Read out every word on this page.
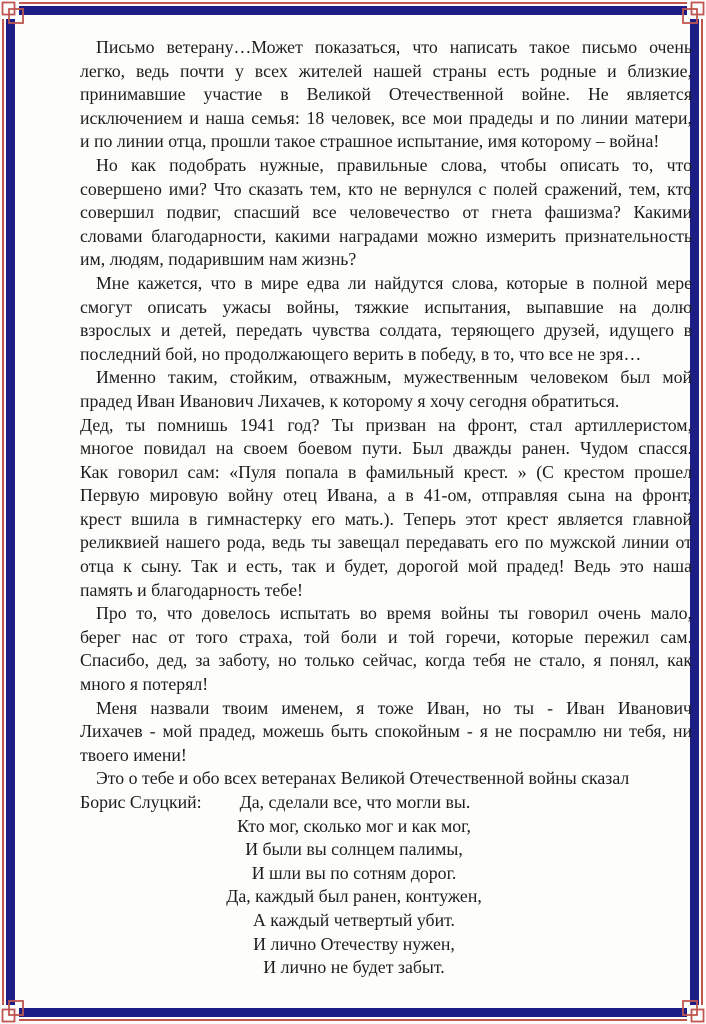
Письмо ветерану…Может показаться, что написать такое письмо очень
легко, ведь почти у всех жителей нашей страны есть родные и близкие,
принимавшие участие в Великой Отечественной войне. Не является
исключением и наша семья: 18 человек, все мои прадеды и по линии матери,
и по линии отца, прошли такое страшное испытание, имя которому – война!
Но как подобрать нужные, правильные слова, чтобы описать то, что
совершено ими? Что сказать тем, кто не вернулся с полей сражений, тем, кто
совершил подвиг, спасший все человечество от гнета фашизма? Какими
словами благодарности, какими наградами можно измерить признательность
им, людям, подарившим нам жизнь?
Мне кажется, что в мире едва ли найдутся слова, которые в полной мере
смогут описать ужасы войны, тяжкие испытания, выпавшие на долю
взрослых и детей, передать чувства солдата, теряющего друзей, идущего в
последний бой, но продолжающего верить в победу, в то, что все не зря…
Именно таким, стойким, отважным, мужественным человеком был мой
прадед Иван Иванович Лихачев, к которому я хочу сегодня обратиться.
Дед, ты помнишь 1941 год? Ты призван на фронт, стал артиллеристом,
многое повидал на своем боевом пути. Был дважды ранен. Чудом спасся.
Как говорил сам: «Пуля попала в фамильный крест. » (С крестом прошел
Первую мировую войну отец Ивана, а в 41-ом, отправляя сына на фронт,
крест вшила в гимнастерку его мать.). Теперь этот крест является главной
реликвией нашего рода, ведь ты завещал передавать его по мужской линии от
отца к сыну. Так и есть, так и будет, дорогой мой прадед! Ведь это наша
память и благодарность тебе!
Про то, что довелось испытать во время войны ты говорил очень мало,
берег нас от того страха, той боли и той горечи, которые пережил сам.
Спасибо, дед, за заботу, но только сейчас, когда тебя не стало, я понял, как
много я потерял!
Меня назвали твоим именем, я тоже Иван, но ты - Иван Иванович
Лихачев - мой прадед, можешь быть спокойным - я не посрамлю ни тебя, ни
твоего имени!
Это о тебе и обо всех ветеранах Великой Отечественной войны сказал
Борис Слуцкий: Да, сделали все, что могли вы.
Кто мог, сколько мог и как мог,
И были вы солнцем палимы,
И шли вы по сотням дорог.
Да, каждый был ранен, контужен,
А каждый четвертый убит.
И лично Отечеству нужен,
И лично не будет забыт.
